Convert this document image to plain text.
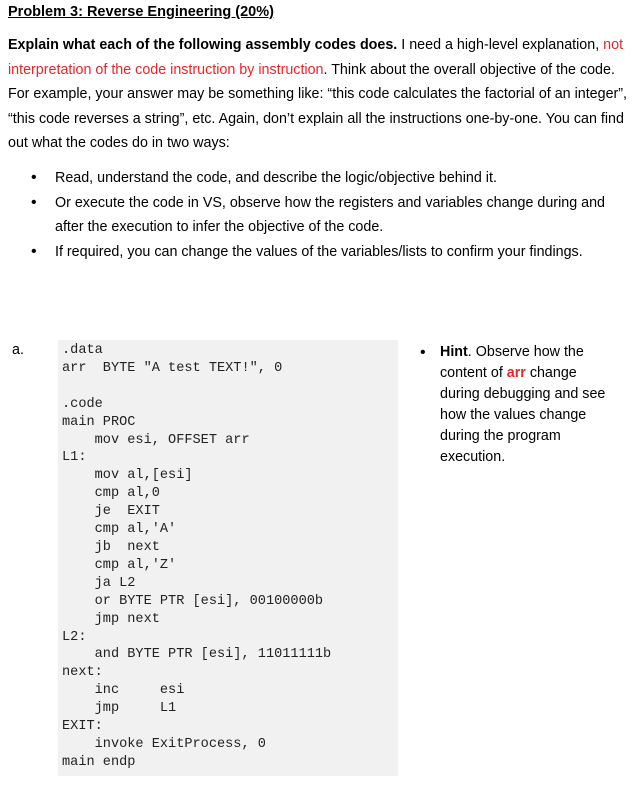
Problem 3: Reverse Engineering (20%)
Explain what each of the following assembly codes does. I need a high-level explanation, not interpretation of the code instruction by instruction. Think about the overall objective of the code. For example, your answer may be something like: “this code calculates the factorial of an integer”, “this code reverses a string”, etc. Again, don’t explain all the instructions one-by-one. You can find out what the codes do in two ways:
• Read, understand the code, and describe the logic/objective behind it.
• Or execute the code in VS, observe how the registers and variables change during and after the execution to infer the objective of the code.
• If required, you can change the values of the variables/lists to confirm your findings.
a.	.data
arr  BYTE "A test TEXT!", 0

.code
main PROC
mov esi, OFFSET arr
L1:
mov al,[esi]
cmp al,0
je  EXIT
cmp al,'A'
jb  next
cmp al,'Z'
ja L2
or BYTE PTR [esi], 00100000b
jmp next
L2:
and BYTE PTR [esi], 11011111b
next:
inc     esi
jmp     L1
EXIT:
invoke ExitProcess, 0
main endp
• Hint. Observe how the content of arr change during debugging and see how the values change during the program execution.
